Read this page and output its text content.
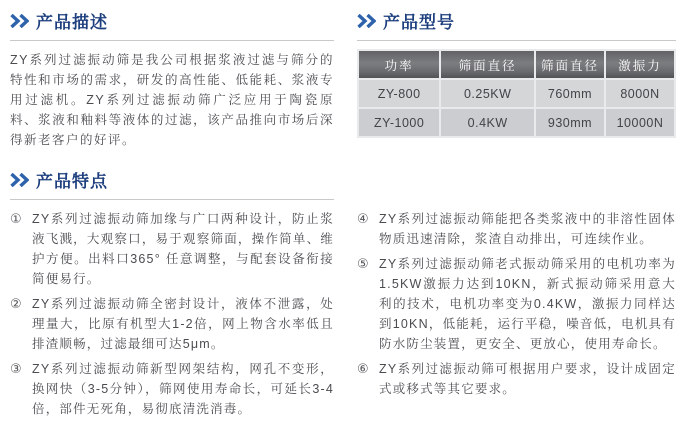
产品描述

ZY系列过滤振动筛是我公司根据浆液过滤与筛分的特性和市场的需求，研发的高性能、低能耗、浆液专用过滤机。ZY系列过滤振动筛广泛应用于陶瓷原料、浆液和釉料等液体的过滤，该产品推向市场后深得新老客户的好评。

产品型号
功率	筛面直径	筛面直径	激振力
ZY-800	0.25KW	760mm	8000N
ZY-1000	0.4KW	930mm	10000N
产品特点
① ZY系列过滤振动筛加缘与广口两种设计，防止浆液飞溅，大观察口，易于观察筛面，操作简单、维护方便。出料口365° 任意调整，与配套设备衔接简便易行。

② ZY系列过滤振动筛全密封设计，液体不泄露，处理量大，比原有机型大1-2倍，网上物含水率低且排渣顺畅，过滤最细可达5μm。

③ ZY系列过滤振动筛新型网架结构，网孔不变形，换网快（3-5分钟），筛网使用寿命长，可延长3-4倍，部件无死角，易彻底清洗消毒。

④ ZY系列过滤振动筛能把各类浆液中的非溶性固体物质迅速清除，浆渣自动排出，可连续作业。

⑤ ZY系列过滤振动筛老式振动筛采用的电机功率为1.5KW激振力达到10KN，新式振动筛采用意大利的技术，电机功率变为0.4KW，激振力同样达到10KN，低能耗，运行平稳，噪音低，电机具有防水防尘装置，更安全、更放心，使用寿命长。

⑥ ZY系列过滤振动筛可根据用户要求，设计成固定式或移式等其它要求。
